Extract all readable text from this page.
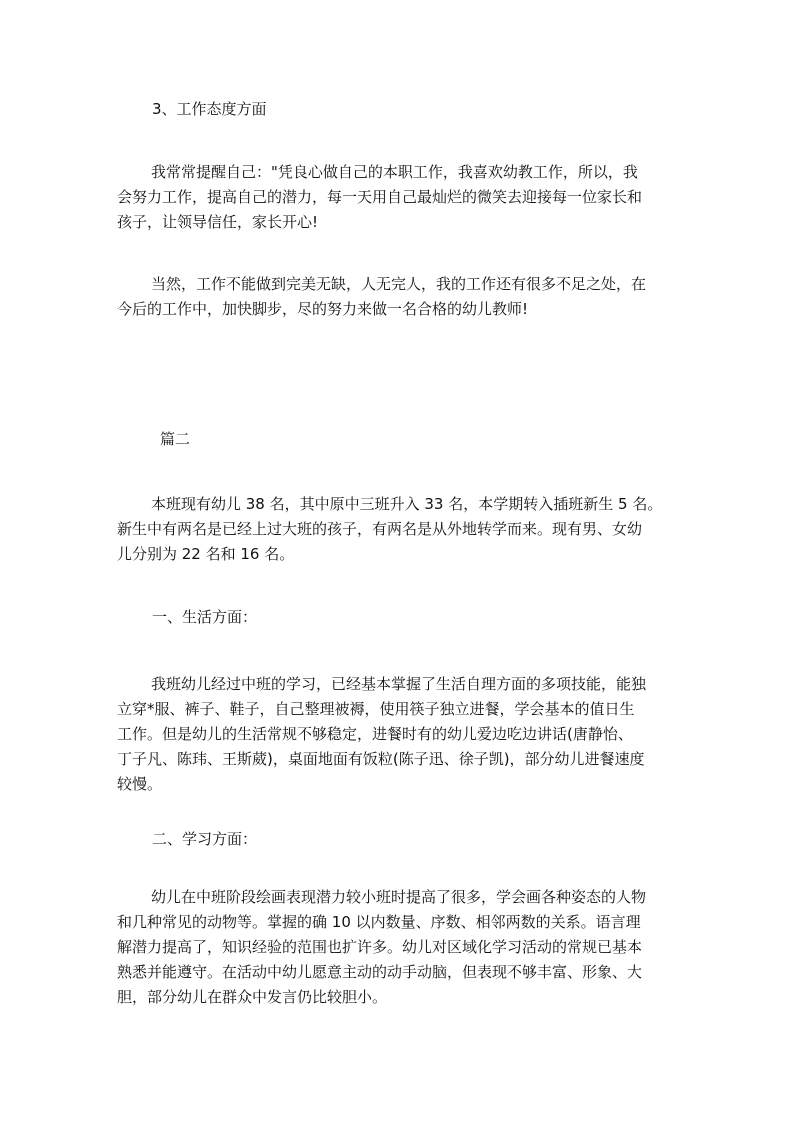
3、工作态度方面

我常常提醒自己："凭良心做自己的本职工作，我喜欢幼教工作，所以，我
会努力工作，提高自己的潜力，每一天用自己最灿烂的微笑去迎接每一位家长和
孩子，让领导信任，家长开心!
当然，工作不能做到完美无缺，人无完人，我的工作还有很多不足之处，在
今后的工作中，加快脚步，尽的努力来做一名合格的幼儿教师!

篇二

本班现有幼儿 38 名，其中原中三班升入 33 名，本学期转入插班新生 5 名。
新生中有两名是已经上过大班的孩子，有两名是从外地转学而来。现有男、女幼
儿分别为 22 名和 16 名。

一、生活方面：

我班幼儿经过中班的学习，已经基本掌握了生活自理方面的多项技能，能独
立穿*服、裤子、鞋子，自己整理被褥，使用筷子独立进餐，学会基本的值日生
工作。但是幼儿的生活常规不够稳定，进餐时有的幼儿爱边吃边讲话(唐静怡、
丁子凡、陈玮、王斯葳)，桌面地面有饭粒(陈子迅、徐子凯)，部分幼儿进餐速度
较慢。

二、学习方面：

幼儿在中班阶段绘画表现潜力较小班时提高了很多，学会画各种姿态的人物
和几种常见的动物等。掌握的确 10 以内数量、序数、相邻两数的关系。语言理
解潜力提高了，知识经验的范围也扩许多。幼儿对区域化学习活动的常规已基本
熟悉并能遵守。在活动中幼儿愿意主动的动手动脑，但表现不够丰富、形象、大
胆，部分幼儿在群众中发言仍比较胆小。
